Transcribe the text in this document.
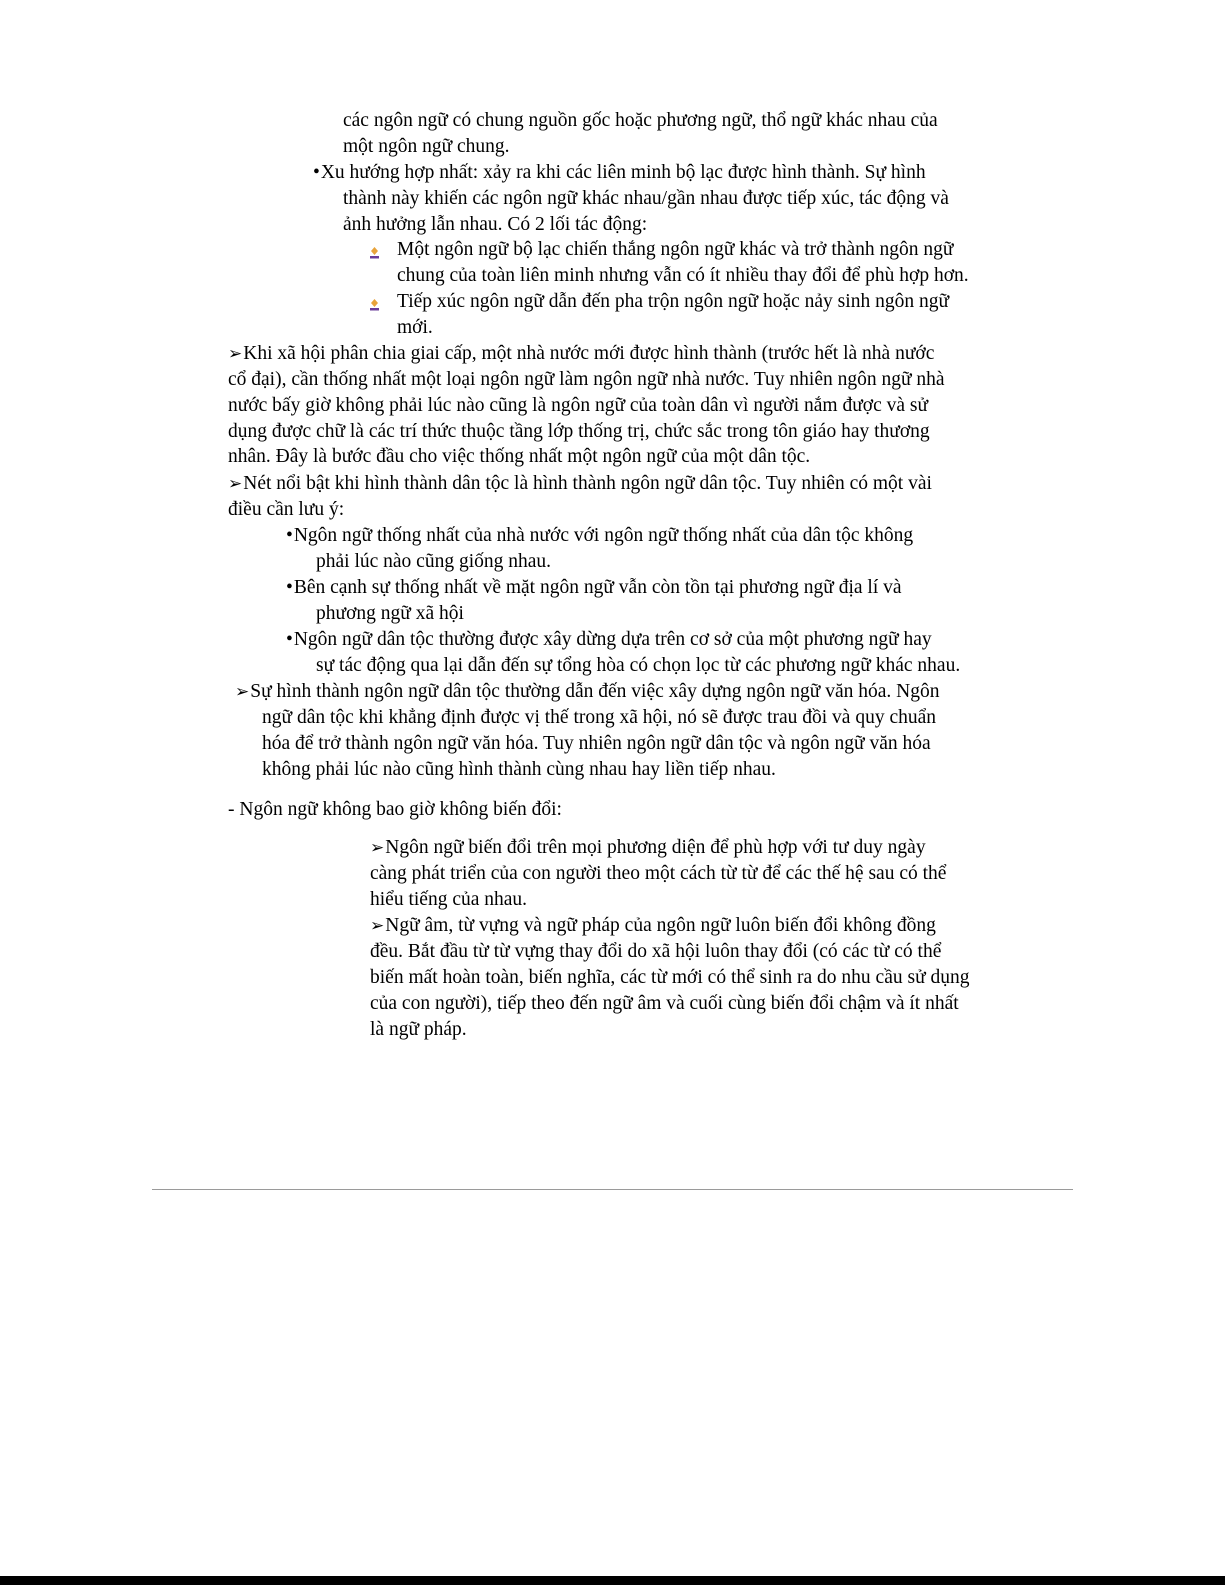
các ngôn ngữ có chung nguồn gốc hoặc phương ngữ, thổ ngữ khác nhau của
một ngôn ngữ chung.
•Xu hướng hợp nhất: xảy ra khi các liên minh bộ lạc được hình thành. Sự hình
thành này khiến các ngôn ngữ khác nhau/gần nhau được tiếp xúc, tác động và
ảnh hưởng lẫn nhau. Có 2 lối tác động:
Một ngôn ngữ bộ lạc chiến thắng ngôn ngữ khác và trở thành ngôn ngữ
chung của toàn liên minh nhưng vẫn có ít nhiều thay đổi để phù hợp hơn.
Tiếp xúc ngôn ngữ dẫn đến pha trộn ngôn ngữ hoặc nảy sinh ngôn ngữ
mới.
➢Khi xã hội phân chia giai cấp, một nhà nước mới được hình thành (trước hết là nhà nước
cổ đại), cần thống nhất một loại ngôn ngữ làm ngôn ngữ nhà nước. Tuy nhiên ngôn ngữ nhà
nước bấy giờ không phải lúc nào cũng là ngôn ngữ của toàn dân vì người nắm được và sử
dụng được chữ là các trí thức thuộc tầng lớp thống trị, chức sắc trong tôn giáo hay thương
nhân. Đây là bước đầu cho việc thống nhất một ngôn ngữ của một dân tộc.
➢Nét nổi bật khi hình thành dân tộc là hình thành ngôn ngữ dân tộc. Tuy nhiên có một vài
điều cần lưu ý:
•Ngôn ngữ thống nhất của nhà nước với ngôn ngữ thống nhất của dân tộc không
phải lúc nào cũng giống nhau.
•Bên cạnh sự thống nhất về mặt ngôn ngữ vẫn còn tồn tại phương ngữ địa lí và
phương ngữ xã hội
•Ngôn ngữ dân tộc thường được xây dừng dựa trên cơ sở của một phương ngữ hay
sự tác động qua lại dẫn đến sự tổng hòa có chọn lọc từ các phương ngữ khác nhau.
➢Sự hình thành ngôn ngữ dân tộc thường dẫn đến việc xây dựng ngôn ngữ văn hóa. Ngôn
ngữ dân tộc khi khẳng định được vị thế trong xã hội, nó sẽ được trau đồi và quy chuẩn
hóa để trở thành ngôn ngữ văn hóa. Tuy nhiên ngôn ngữ dân tộc và ngôn ngữ văn hóa
không phải lúc nào cũng hình thành cùng nhau hay liền tiếp nhau.
- Ngôn ngữ không bao giờ không biến đổi:
➢Ngôn ngữ biến đổi trên mọi phương diện để phù hợp với tư duy ngày
càng phát triển của con người theo một cách từ từ để các thế hệ sau có thể
hiểu tiếng của nhau.
➢Ngữ âm, từ vựng và ngữ pháp của ngôn ngữ luôn biến đổi không đồng
đều. Bắt đầu từ từ vựng thay đổi do xã hội luôn thay đổi (có các từ có thể
biến mất hoàn toàn, biến nghĩa, các từ mới có thể sinh ra do nhu cầu sử dụng
của con người), tiếp theo đến ngữ âm và cuối cùng biến đổi chậm và ít nhất
là ngữ pháp.
